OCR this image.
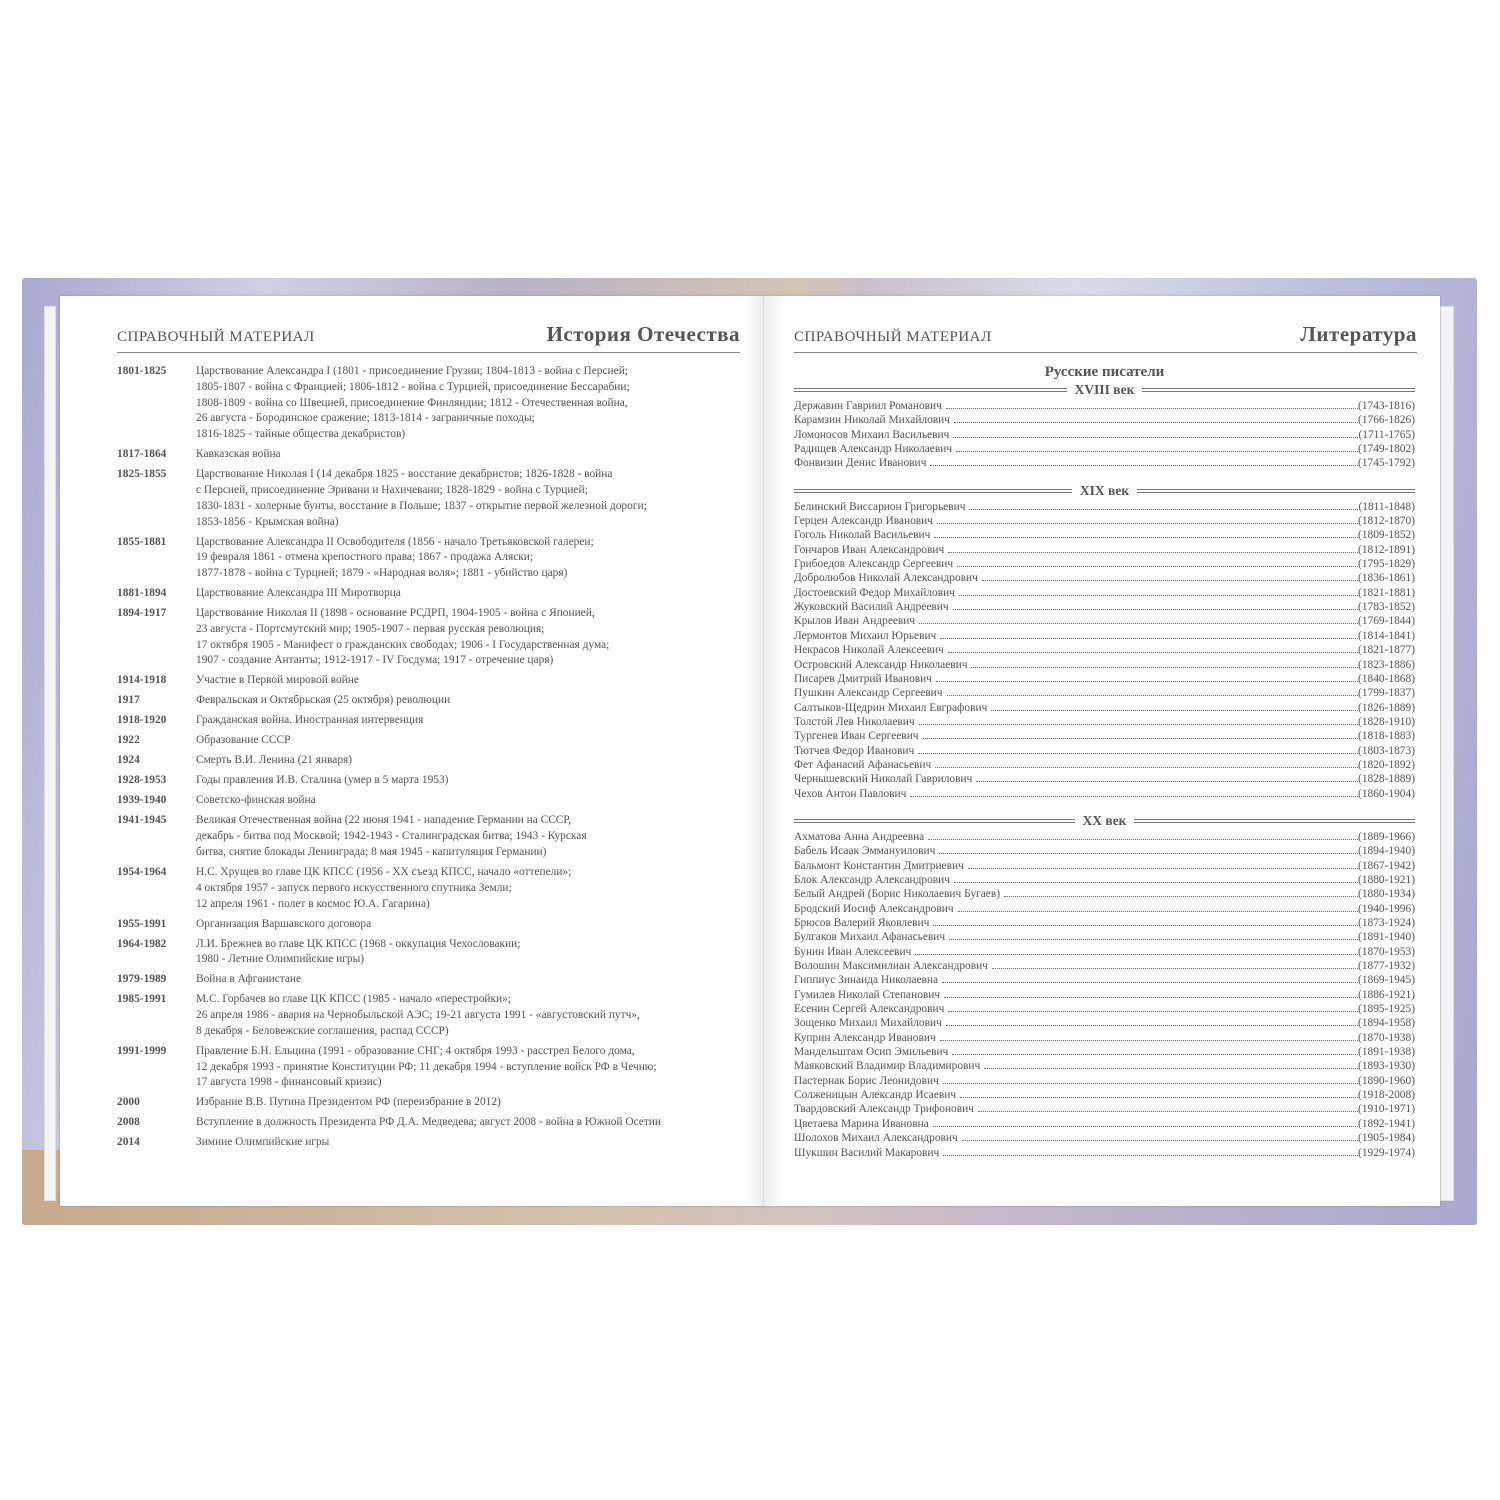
СПРАВОЧНЫЙ МАТЕРИАЛ	История Отечества	СПРАВОЧНЫЙ МАТЕРИАЛ	Литература
1801-1825	Царствование Александра I (1801 - присоединение Грузии; 1804-1813 - война с Персией;
1805-1807 - война с Францией; 1806-1812 - война с Турцией, присоединение Бессарабии;
1808-1809 - война со Швецией, присоединение Финляндии; 1812 - Отечественная война,
26 августа - Бородинское сражение; 1813-1814 - заграничные походы;
1816-1825 - тайные общества декабристов)
1817-1864	Кавказская война
1825-1855	Царствование Николая I (14 декабря 1825 - восстание декабристов; 1826-1828 - война
с Персией, присоединение Эривани и Нахичевани; 1828-1829 - война с Турцией;
1830-1831 - холерные бунты, восстание в Польше; 1837 - открытие первой железной дороги;
1853-1856 - Крымская война)
1855-1881	Царствование Александра II Освободителя (1856 - начало Третьяковской галереи;
19 февраля 1861 - отмена крепостного права; 1867 - продажа Аляски;
1877-1878 - война с Турцией; 1879 - «Народная воля»; 1881 - убийство царя)
1881-1894	Царствование Александра III Миротворца
1894-1917	Царствование Николая II (1898 - основание РСДРП, 1904-1905 - война с Японией,
23 августа - Портсмутский мир; 1905-1907 - первая русская революция;
17 октября 1905 - Манифест о гражданских свободах; 1906 - I Государственная дума;
1907 - создание Антанты; 1912-1917 - IV Госдума; 1917 - отречение царя)
1914-1918	Участие в Первой мировой войне
1917	Февральская и Октябрьская (25 октября) революции
1918-1920	Гражданская война. Иностранная интервенция
1922	Образование СССР
1924	Смерть В.И. Ленина (21 января)
1928-1953	Годы правления И.В. Сталина (умер в 5 марта 1953)
1939-1940	Советско-финская война
1941-1945	Великая Отечественная война (22 июня 1941 - нападение Германии на СССР,
декабрь - битва под Москвой; 1942-1943 - Сталинградская битва; 1943 - Курская
битва, снятие блокады Ленинграда; 8 мая 1945 - капитуляция Германии)
1954-1964	Н.С. Хрущев во главе ЦК КПСС (1956 - XX съезд КПСС, начало «оттепели»;
4 октября 1957 - запуск первого искусственного спутника Земли;
12 апреля 1961 - полет в космос Ю.А. Гагарина)
1955-1991	Организация Варшавского договора
1964-1982	Л.И. Брежнев во главе ЦК КПСС (1968 - оккупация Чехословакии;
1980 - Летние Олимпийские игры)
1979-1989	Война в Афганистане
1985-1991	М.С. Горбачев во главе ЦК КПСС (1985 - начало «перестройки»;
26 апреля 1986 - авария на Чернобыльской АЭС; 19-21 августа 1991 - «августовский путч»,
8 декабря - Беловежские соглашения, распад СССР)
1991-1999	Правление Б.Н. Ельцина (1991 - образование СНГ; 4 октября 1993 - расстрел Белого дома,
12 декабря 1993 - принятие Конституции РФ; 11 декабря 1994 - вступление войск РФ в Чечню;
17 августа 1998 - финансовый кризис)
2000	Избрание В.В. Путина Президентом РФ (переизбрание в 2012)
2008	Вступление в должность Президента РФ Д.А. Медведева; август 2008 - война в Южной Осетии
2014	Зимние Олимпийские игры
Русские писатели
XVIII век
Державин Гавриил Романович	(1743-1816)
Карамзин Николай Михайлович	(1766-1826)
Ломоносов Михаил Васильевич	(1711-1765)
Радищев Александр Николаевич	(1749-1802)
Фонвизин Денис Иванович	(1745-1792)
XIX век
Белинский Виссарион Григорьевич	(1811-1848)
Герцен Александр Иванович	(1812-1870)
Гоголь Николай Васильевич	(1809-1852)
Гончаров Иван Александрович	(1812-1891)
Грибоедов Александр Сергеевич	(1795-1829)
Добролюбов Николай Александрович	(1836-1861)
Достоевский Федор Михайлович	(1821-1881)
Жуковский Василий Андреевич	(1783-1852)
Крылов Иван Андреевич	(1769-1844)
Лермонтов Михаил Юрьевич	(1814-1841)
Некрасов Николай Алексеевич	(1821-1877)
Островский Александр Николаевич	(1823-1886)
Писарев Дмитрий Иванович	(1840-1868)
Пушкин Александр Сергеевич	(1799-1837)
Салтыков-Щедрин Михаил Евграфович	(1826-1889)
Толстой Лев Николаевич	(1828-1910)
Тургенев Иван Сергеевич	(1818-1883)
Тютчев Федор Иванович	(1803-1873)
Фет Афанасий Афанасьевич	(1820-1892)
Чернышевский Николай Гаврилович	(1828-1889)
Чехов Антон Павлович	(1860-1904)
XX век
Ахматова Анна Андреевна	(1889-1966)
Бабель Исаак Эммануилович	(1894-1940)
Бальмонт Константин Дмитриевич	(1867-1942)
Блок Александр Александрович	(1880-1921)
Белый Андрей (Борис Николаевич Бугаев)	(1880-1934)
Бродский Иосиф Александрович	(1940-1996)
Брюсов Валерий Яковлевич	(1873-1924)
Булгаков Михаил Афанасьевич	(1891-1940)
Бунин Иван Алексеевич	(1870-1953)
Волошин Максимилиан Александрович	(1877-1932)
Гиппиус Зинаида Николаевна	(1869-1945)
Гумилев Николай Степанович	(1886-1921)
Есенин Сергей Александрович	(1895-1925)
Зощенко Михаил Михайлович	(1894-1958)
Куприн Александр Иванович	(1870-1938)
Мандельштам Осип Эмильевич	(1891-1938)
Маяковский Владимир Владимирович	(1893-1930)
Пастернак Борис Леонидович	(1890-1960)
Солженицын Александр Исаевич	(1918-2008)
Твардовский Александр Трифонович	(1910-1971)
Цветаева Марина Ивановна	(1892-1941)
Шолохов Михаил Александрович	(1905-1984)
Шукшин Василий Макарович	(1929-1974)
